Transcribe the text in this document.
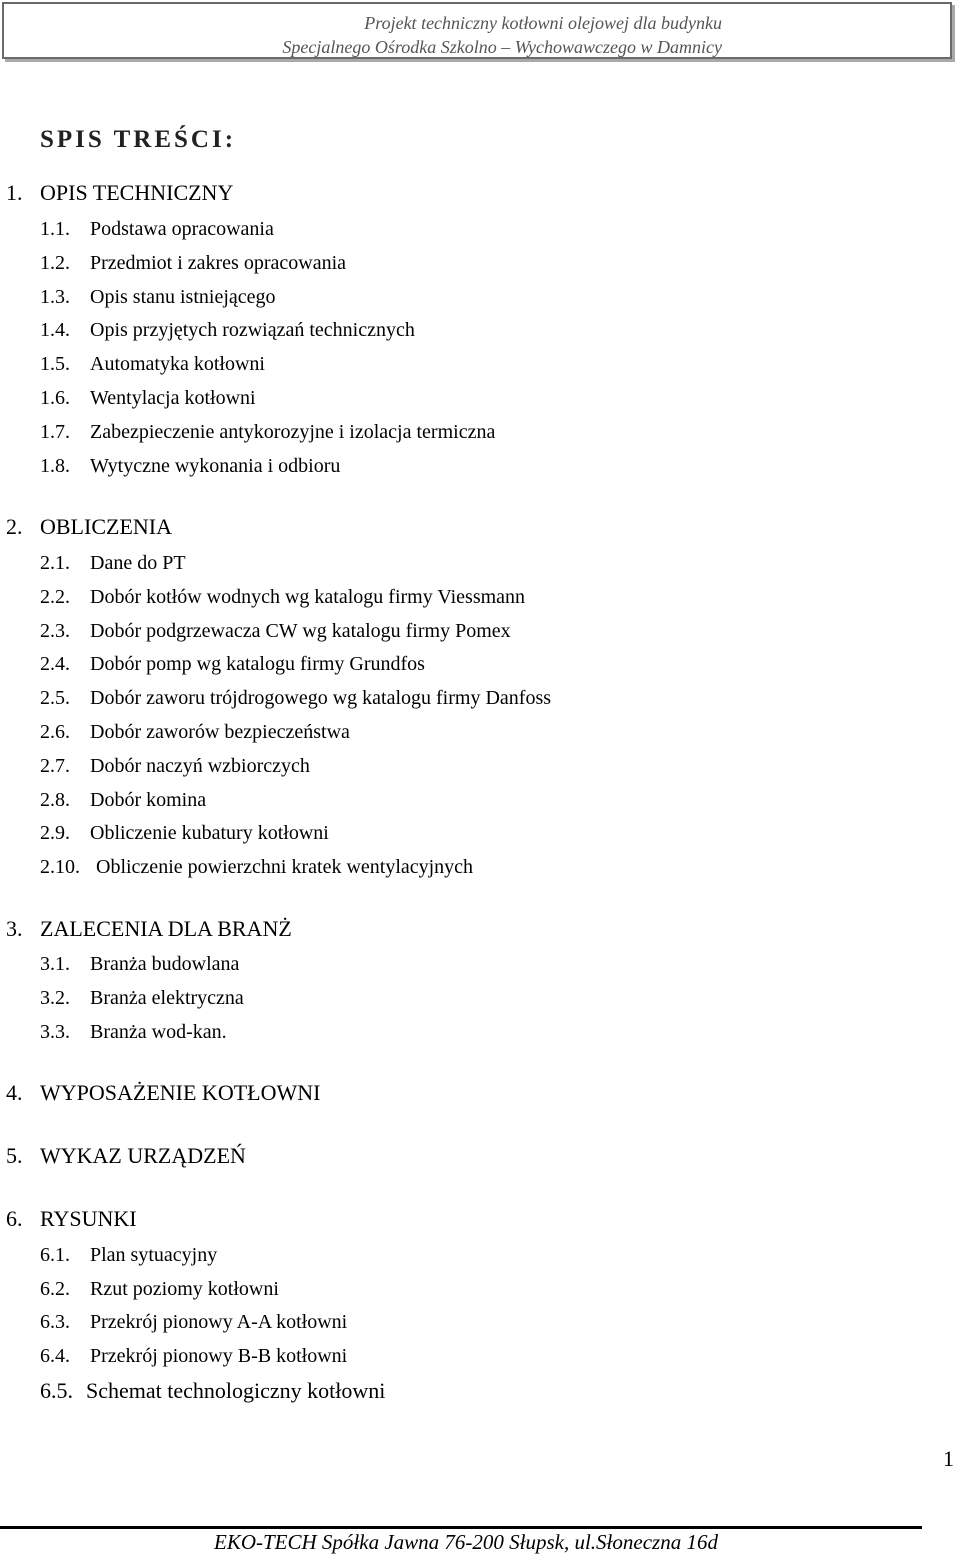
Projekt techniczny kotłowni olejowej dla budynku
Specjalnego Ośrodka Szkolno – Wychowawczego w Damnicy
SPIS TREŚCI:
1. OPIS TECHNICZNY
1.1. Podstawa opracowania
1.2. Przedmiot i zakres opracowania
1.3. Opis stanu istniejącego
1.4. Opis przyjętych rozwiązań technicznych
1.5. Automatyka kotłowni
1.6. Wentylacja kotłowni
1.7. Zabezpieczenie antykorozyjne i izolacja termiczna
1.8. Wytyczne wykonania i odbioru
2. OBLICZENIA
2.1. Dane do PT
2.2. Dobór kotłów wodnych wg katalogu firmy Viessmann
2.3. Dobór podgrzewacza CW wg katalogu firmy Pomex
2.4. Dobór pomp wg katalogu firmy Grundfos
2.5. Dobór zaworu trójdrogowego wg katalogu firmy Danfoss
2.6. Dobór zaworów bezpieczeństwa
2.7. Dobór naczyń wzbiorczych
2.8. Dobór komina
2.9. Obliczenie kubatury kotłowni
2.10. Obliczenie powierzchni kratek wentylacyjnych
3. ZALECENIA DLA BRANŻ
3.1. Branża budowlana
3.2. Branża elektryczna
3.3. Branża wod-kan.
4. WYPOSAŻENIE KOTŁOWNI
5. WYKAZ URZĄDZEŃ
6. RYSUNKI
6.1. Plan sytuacyjny
6.2. Rzut poziomy kotłowni
6.3. Przekrój pionowy A-A kotłowni
6.4. Przekrój pionowy B-B kotłowni
6.5. Schemat technologiczny kotłowni
1
EKO-TECH Spółka Jawna 76-200 Słupsk, ul.Słoneczna 16d
